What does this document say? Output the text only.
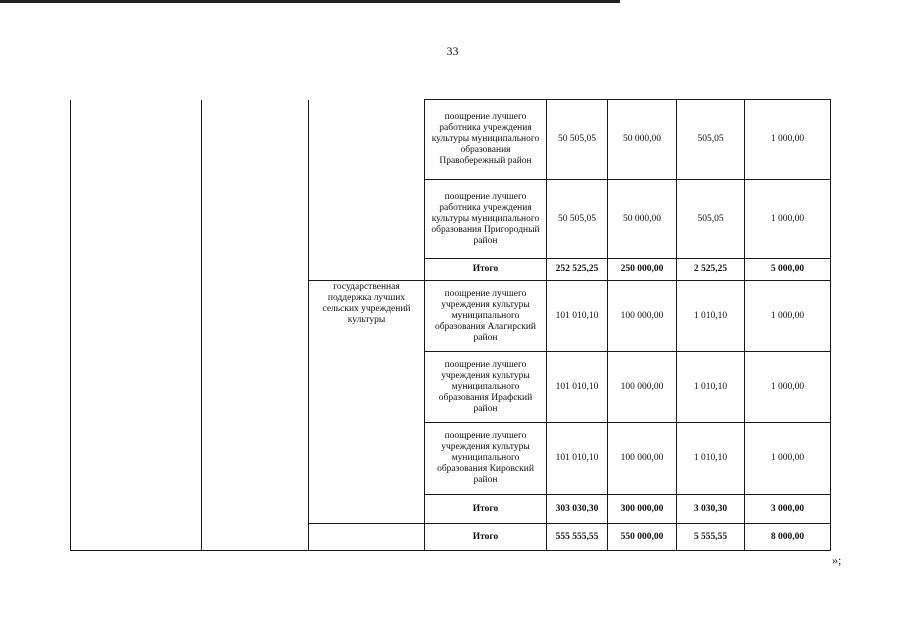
33
			поощрение лучшего работника учреждения культуры муниципального образования Правобережный район	50 505,05	50 000,00	505,05	1 000,00
			поощрение лучшего работника учреждения культуры муниципального образования Пригородный район	50 505,05	50 000,00	505,05	1 000,00
			Итого	252 525,25	250 000,00	2 525,25	5 000,00
		государственная поддержка лучших сельских учреждений культуры	поощрение лучшего учреждения культуры муниципального образования Алагирский район	101 010,10	100 000,00	1 010,10	1 000,00
			поощрение лучшего учреждения культуры муниципального образования Ирафский район	101 010,10	100 000,00	1 010,10	1 000,00
			поощрение лучшего учреждения культуры муниципального образования Кировский район	101 010,10	100 000,00	1 010,10	1 000,00
			Итого	303 030,30	300 000,00	3 030,30	3 000,00
			Итого	555 555,55	550 000,00	5 555,55	8 000,00
»;
